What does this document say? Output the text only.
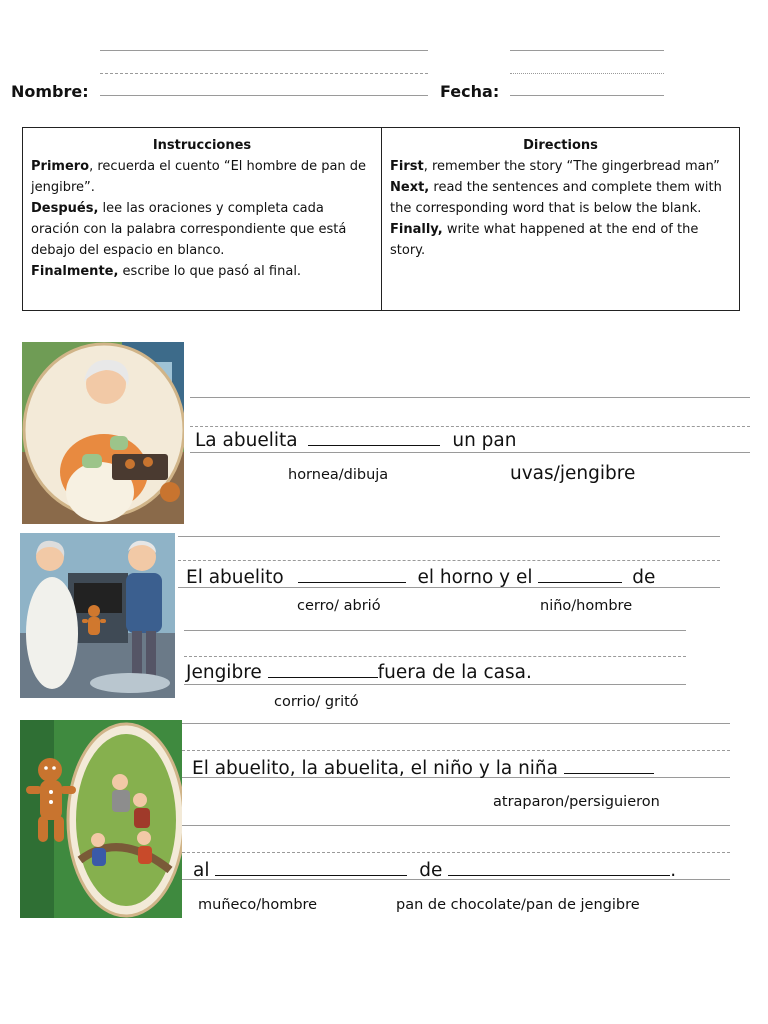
Nombre:	Fecha:
Instrucciones

Primero, recuerda el cuento “El hombre de pan de jengibre”.

Después, lee las oraciones y completa cada oración con la palabra correspondiente que está debajo del espacio en blanco.

Finalmente, escribe lo que pasó al final.

Directions

First, remember the story “The gingerbread man”

Next, read the sentences and complete them with the corresponding word that is below the blank.

Finally, write what happened at the end of the story.

La abuelita	un pan
hornea/dibuja	uvas/jengibre
El abuelito	el horno y el	de
cerro/ abrió	niño/hombre
Jengibre	fuera de la casa.
corrio/ gritó
El abuelito, la abuelita, el niño y la niña
atraparon/persiguieron
al	de	.
muñeco/hombre	pan de chocolate/pan de jengibre
